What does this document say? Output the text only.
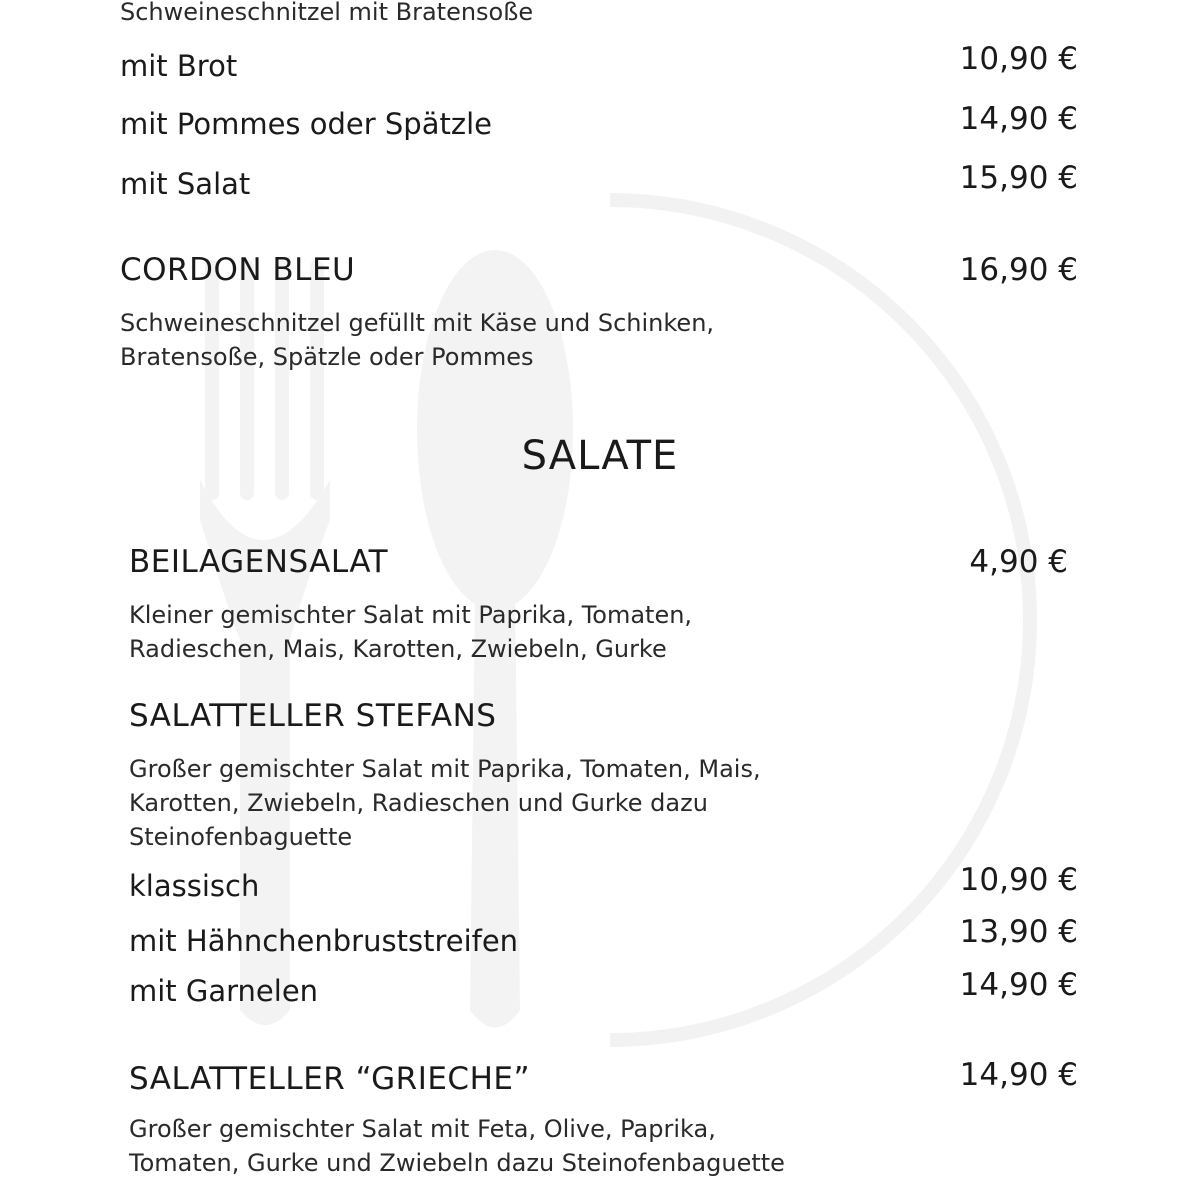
Schweineschnitzel mit Bratensoße
mit Brot	10,90 €
mit Pommes oder Spätzle	14,90 €
mit Salat	15,90 €
CORDON BLEU	16,90 €
Schweineschnitzel gefüllt mit Käse und Schinken,
Bratensoße, Spätzle oder Pommes
SALATE
BEILAGENSALAT	4,90 €
Kleiner gemischter Salat mit Paprika, Tomaten,
Radieschen, Mais, Karotten, Zwiebeln, Gurke
SALATTELLER STEFANS
Großer gemischter Salat mit Paprika, Tomaten, Mais,
Karotten, Zwiebeln, Radieschen und Gurke dazu
Steinofenbaguette
klassisch	10,90 €
mit Hähnchenbruststreifen	13,90 €
mit Garnelen	14,90 €
SALATTELLER “GRIECHE”	14,90 €
Großer gemischter Salat mit Feta, Olive, Paprika,
Tomaten, Gurke und Zwiebeln dazu Steinofenbaguette
